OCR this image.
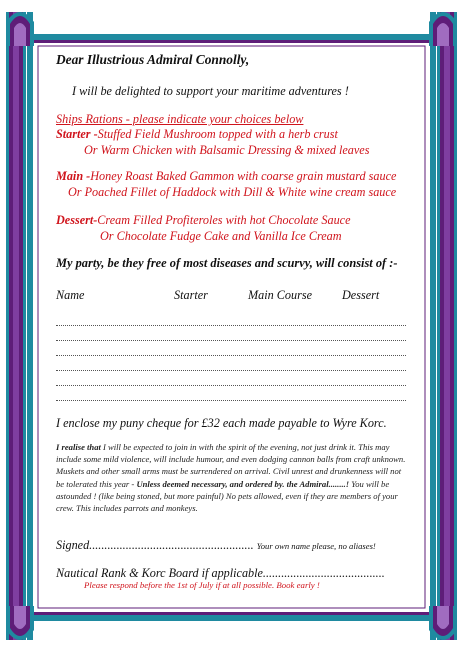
Dear Illustrious Admiral Connolly,
I will be delighted to support your maritime adventures !
Ships Rations - please indicate your choices below
Starter -Stuffed Field Mushroom topped with a herb crust
Or Warm Chicken with Balsamic Dressing & mixed leaves
Main -Honey Roast Baked Gammon with coarse grain mustard sauce
Or Poached Fillet of Haddock with Dill & White wine cream sauce
Dessert-Cream Filled Profiteroles with hot Chocolate Sauce
Or Chocolate Fudge Cake and Vanilla Ice Cream
My party, be they free of most diseases and scurvy, will consist of :-
Name	Starter	Main Course Dessert
I enclose my puny cheque for £32 each made payable to Wyre Korc.
I realise that I will be expected to join in with the spirit of the evening, not just drink it. This may include some mild violence, will include humour, and even dodging cannon balls from craft unknown. Muskets and other small arms must be surrendered on arrival. Civil unrest and drunkenness will not be tolerated this year - Unless deemed necessary, and ordered by. the Admiral........! You will be astounded ! (like being stoned, but more painful) No pets allowed, even if they are members of your crew. This includes parrots and monkeys.
Signed...................................................... Your own name please, no aliases!
Nautical Rank & Korc Board if applicable........................................
Please respond before the 1st of July if at all possible. Book early !
